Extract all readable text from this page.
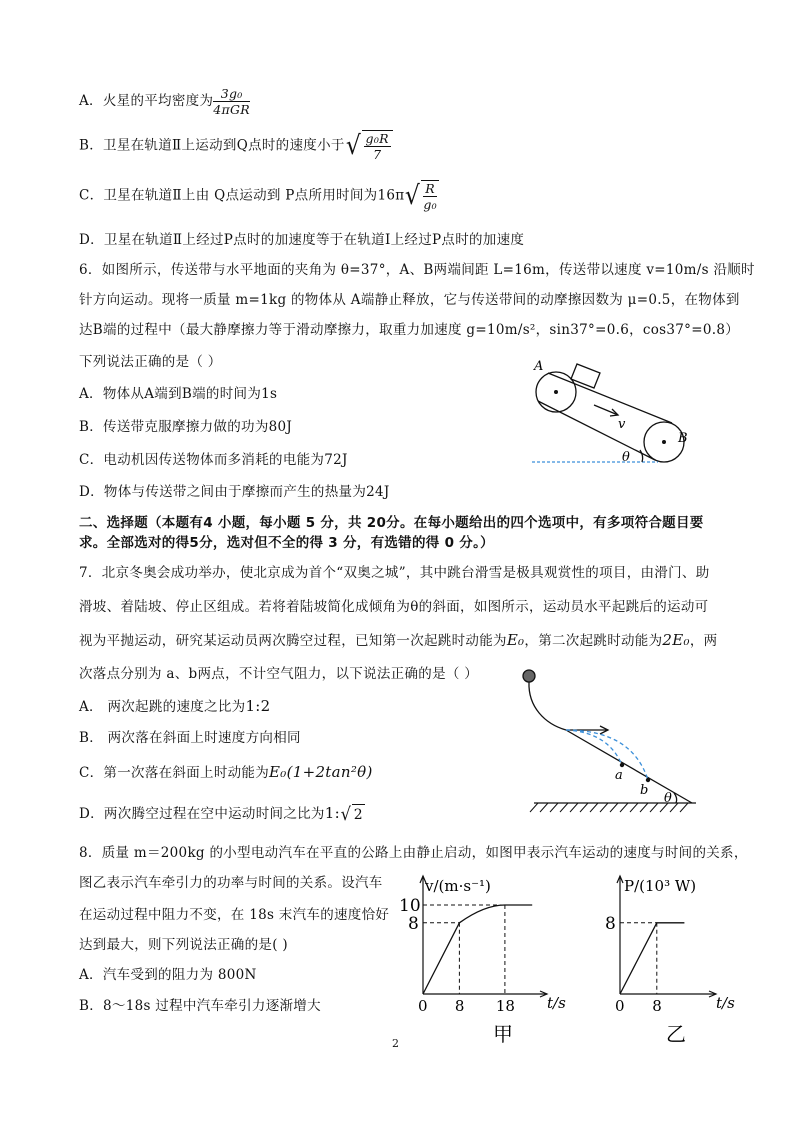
A．火星的平均密度为 $\frac{\text{3g₀}}{\text{4πGR}}$
B．卫星在轨道Ⅱ上运动到Q点时的速度小于√ $\frac{\text{g₀R}}{7}$
C．卫星在轨道Ⅱ上由 Q点运动到 P点所用时间为$16\pi√ \frac{R}{\text{g₀}}$
D．卫星在轨道Ⅱ上经过P点时的加速度等于在轨道Ⅰ上经过P点时的加速度
6．如图所示，传送带与水平地面的夹角为 θ=37°，A、B两端间距 L=16m，传送带以速度 v=10m/s 沿顺时
针方向运动。现将一质量 m=1kg 的物体从 A端静止释放，它与传送带间的动摩擦因数为 μ=0.5，在物体到
达B端的过程中（最大静摩擦力等于滑动摩擦力，取重力加速度 g=10m/s²，sin37°=0.6，cos37°=0.8）
下列说法正确的是（ ）
A．物体从A端到B端的时间为1s
B．传送带克服摩擦力做的功为80J
C．电动机因传送物体而多消耗的电能为72J
D．物体与传送带之间由于摩擦而产生的热量为24J
A
B
v
θ
二、选择题（本题有4 小题，每小题 5 分，共 20分。在每小题给出的四个选项中，有多项符合题目要
求。全部选对的得5分，选对但不全的得 3 分，有选错的得 0 分。）
7．北京冬奥会成功举办，使北京成为首个“双奥之城”，其中跳台滑雪是极具观赏性的项目，由滑门、助
滑坡、着陆坡、停止区组成。若将着陆坡简化成倾角为θ的斜面，如图所示，运动员水平起跳后的运动可
视为平抛运动，研究某运动员两次腾空过程，已知第一次起跳时动能为E₀，第二次起跳时动能为2E₀，两
次落点分别为 a、b两点，不计空气阻力，以下说法正确的是（ ）
A． 两次起跳的速度之比为1:2
B． 两次落在斜面上时速度方向相同
C．第一次落在斜面上时动能为E₀(1+2tan²θ)
D．两次腾空过程在空中运动时间之比为1:√ 2
a
b
θ
8．质量 m＝200kg 的小型电动汽车在平直的公路上由静止启动，如图甲表示汽车运动的速度与时间的关系，
图乙表示汽车牵引力的功率与时间的关系。设汽车
在运动过程中阻力不变，在 18s 末汽车的速度恰好
达到最大，则下列说法正确的是( )
A．汽车受到的阻力为 800N
B．8～18s 过程中汽车牵引力逐渐增大
v/(m·s⁻¹)
t/s
甲
0
8
10
8 18
P/(10³ W)
t/s
乙
0
8
8
2
